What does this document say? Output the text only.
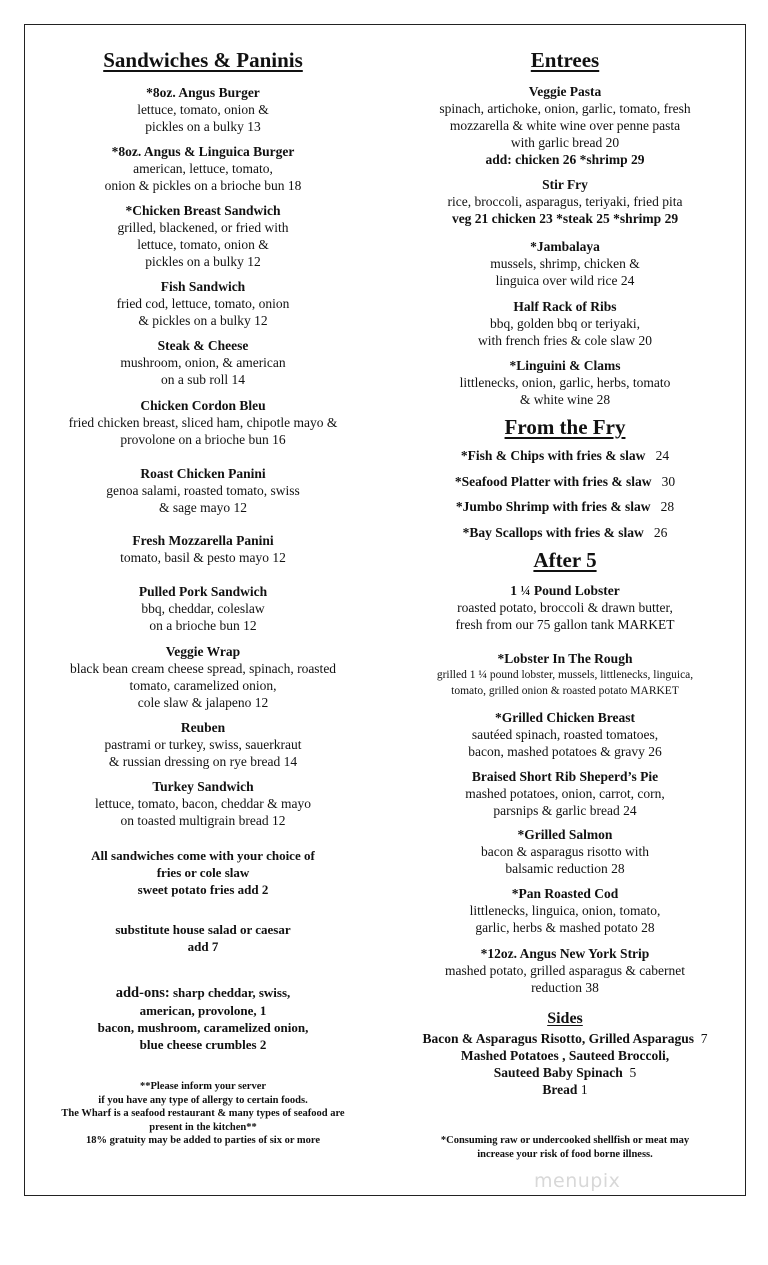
Sandwiches & Paninis
*8oz. Angus Burger
lettuce, tomato, onion &
pickles on a bulky 13
*8oz. Angus & Linguica Burger
american, lettuce, tomato,
onion & pickles on a brioche bun 18
*Chicken Breast Sandwich
grilled, blackened, or fried with
lettuce, tomato, onion &
pickles on a bulky 12
Fish Sandwich
fried cod, lettuce, tomato, onion
& pickles on a bulky 12
Steak & Cheese
mushroom, onion, & american
on a sub roll 14
Chicken Cordon Bleu
fried chicken breast, sliced ham, chipotle mayo &
provolone on a brioche bun 16
Roast Chicken Panini
genoa salami, roasted tomato, swiss
& sage mayo 12
Fresh Mozzarella Panini
tomato, basil & pesto mayo 12
Pulled Pork Sandwich
bbq, cheddar, coleslaw
on a brioche bun 12
Veggie Wrap
black bean cream cheese spread, spinach, roasted
tomato, caramelized onion,
cole slaw & jalapeno 12
Reuben
pastrami or turkey, swiss, sauerkraut
& russian dressing on rye bread 14
Turkey Sandwich
lettuce, tomato, bacon, cheddar & mayo
on toasted multigrain bread 12
All sandwiches come with your choice of
fries or cole slaw
sweet potato fries add 2
substitute house salad or caesar
add 7
add-ons: sharp cheddar, swiss,
american, provolone, 1
bacon, mushroom, caramelized onion,
blue cheese crumbles 2
**Please inform your server
if you have any type of allergy to certain foods.
The Wharf is a seafood restaurant & many types of seafood are
present in the kitchen**
18% gratuity may be added to parties of six or more
Entrees
Veggie Pasta
spinach, artichoke, onion, garlic, tomato, fresh
mozzarella & white wine over penne pasta
with garlic bread 20
add: chicken 26 *shrimp 29
Stir Fry
rice, broccoli, asparagus, teriyaki, fried pita
veg 21 chicken 23 *steak 25 *shrimp 29
*Jambalaya
mussels, shrimp, chicken &
linguica over wild rice 24
Half Rack of Ribs
bbq, golden bbq or teriyaki,
with french fries & cole slaw 20
*Linguini & Clams
littlenecks, onion, garlic, herbs, tomato
& white wine 28
From the Fry
*Fish & Chips with fries & slaw 24
*Seafood Platter with fries & slaw 30
*Jumbo Shrimp with fries & slaw 28
*Bay Scallops with fries & slaw 26
After 5
1 ¼ Pound Lobster
roasted potato, broccoli & drawn butter,
fresh from our 75 gallon tank MARKET
*Lobster In The Rough
grilled 1 ¼ pound lobster, mussels, littlenecks, linguica,
tomato, grilled onion & roasted potato MARKET
*Grilled Chicken Breast
sautéed spinach, roasted tomatoes,
bacon, mashed potatoes & gravy 26
Braised Short Rib Sheperd’s Pie
mashed potatoes, onion, carrot, corn,
parsnips & garlic bread 24
*Grilled Salmon
bacon & asparagus risotto with
balsamic reduction 28
*Pan Roasted Cod
littlenecks, linguica, onion, tomato,
garlic, herbs & mashed potato 28
*12oz. Angus New York Strip
mashed potato, grilled asparagus & cabernet
reduction 38
Sides
Bacon & Asparagus Risotto, Grilled Asparagus  7
Mashed Potatoes , Sauteed Broccoli,
Sauteed Baby Spinach  5
Bread 1
*Consuming raw or undercooked shellfish or meat may
increase your risk of food borne illness.
menupix
